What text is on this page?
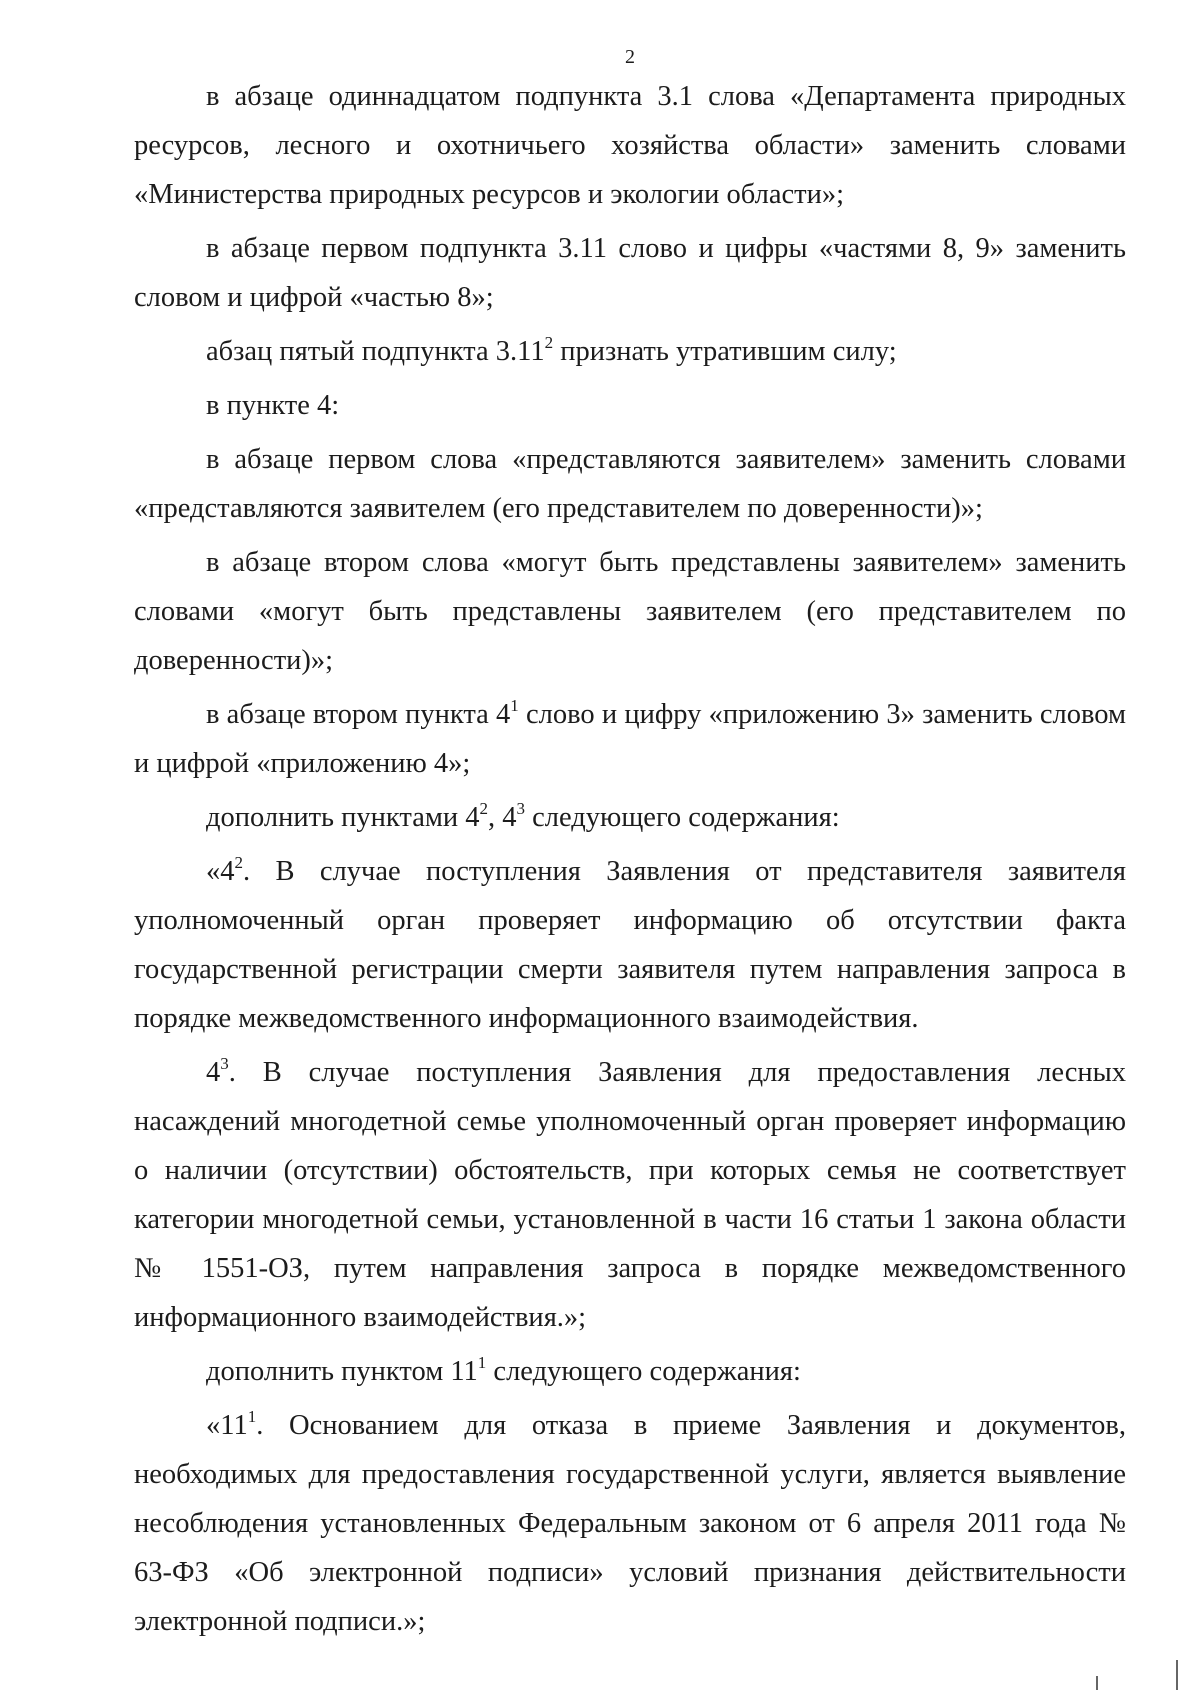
2

в абзаце одиннадцатом подпункта 3.1 слова «Департамента природных ресурсов, лесного и охотничьего хозяйства области» заменить словами «Министерства природных ресурсов и экологии области»;

в абзаце первом подпункта 3.11 слово и цифры «частями 8, 9» заменить словом и цифрой «частью 8»;

абзац пятый подпункта 3.11$^2$ признать утратившим силу;

в пункте 4:

в абзаце первом слова «представляются заявителем» заменить словами «представляются заявителем (его представителем по доверенности)»;

в абзаце втором слова «могут быть представлены заявителем» заменить словами «могут быть представлены заявителем (его представителем по доверенности)»;

в абзаце втором пункта $4^1$ слово и цифру «приложению 3» заменить словом и цифрой «приложению 4»;

дополнить пунктами $4^2$, $4^3$ следующего содержания:

«$4^2$. В случае поступления Заявления от представителя заявителя уполномоченный орган проверяет информацию об отсутствии факта государственной регистрации смерти заявителя путем направления запроса в порядке межведомственного информационного взаимодействия.

$4^3$. В случае поступления Заявления для предоставления лесных насаждений многодетной семье уполномоченный орган проверяет информацию о наличии (отсутствии) обстоятельств, при которых семья не соответствует категории многодетной семьи, установленной в части 16 статьи 1 закона области № 1551-ОЗ, путем направления запроса в порядке межведомственного информационного взаимодействия.»;

дополнить пунктом $11^1$ следующего содержания:

«$11^1$. Основанием для отказа в приеме Заявления и документов, необходимых для предоставления государственной услуги, является выявление несоблюдения установленных Федеральным законом от 6 апреля 2011 года № 63-ФЗ «Об электронной подписи» условий признания действительности электронной подписи.»;
